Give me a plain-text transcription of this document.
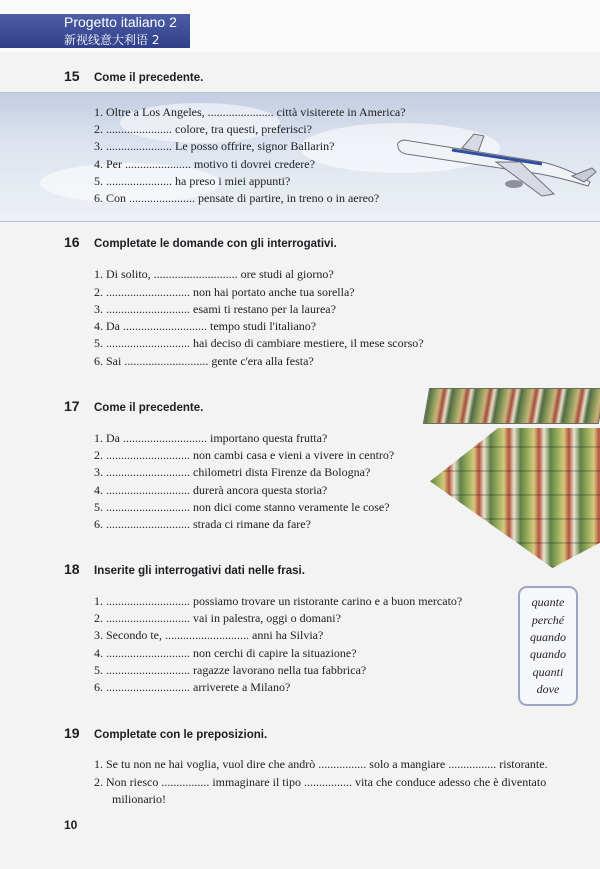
Progetto italiano 2
新视线意大利语 2
15 Come il precedente.
1. Oltre a Los Angeles, ...................... città visiterete in America?
2. ...................... colore, tra questi, preferisci?
3. ...................... Le posso offrire, signor Ballarin?
4. Per ...................... motivo ti dovrei credere?
5. ...................... ha preso i miei appunti?
6. Con ...................... pensate di partire, in treno o in aereo?
16 Completate le domande con gli interrogativi.
1. Di solito, ............................ ore studi al giorno?
2. ............................ non hai portato anche tua sorella?
3. ............................ esami ti restano per la laurea?
4. Da ............................ tempo studi l'italiano?
5. ............................ hai deciso di cambiare mestiere, il mese scorso?
6. Sai ............................ gente c'era alla festa?
17 Come il precedente.
1. Da ............................ importano questa frutta?
2. ............................ non cambi casa e vieni a vivere in centro?
3. ............................ chilometri dista Firenze da Bologna?
4. ............................ durerà ancora questa storia?
5. ............................ non dici come stanno veramente le cose?
6. ............................ strada ci rimane da fare?
18 Inserite gli interrogativi dati nelle frasi.
1. ............................ possiamo trovare un ristorante carino e a buon mercato?
2. ............................ vai in palestra, oggi o domani?
3. Secondo te, ............................ anni ha Silvia?
4. ............................ non cerchi di capire la situazione?
5. ............................ ragazze lavorano nella tua fabbrica?
6. ............................ arriverete a Milano?
quante
perché
quando
quando
quanti
dove
19 Completate con le preposizioni.
1. Se tu non ne hai voglia, vuol dire che andrò ................ solo a mangiare ................ ristorante.
2. Non riesco ................ immaginare il tipo ................ vita che conduce adesso che è diventato
milionario!
10
